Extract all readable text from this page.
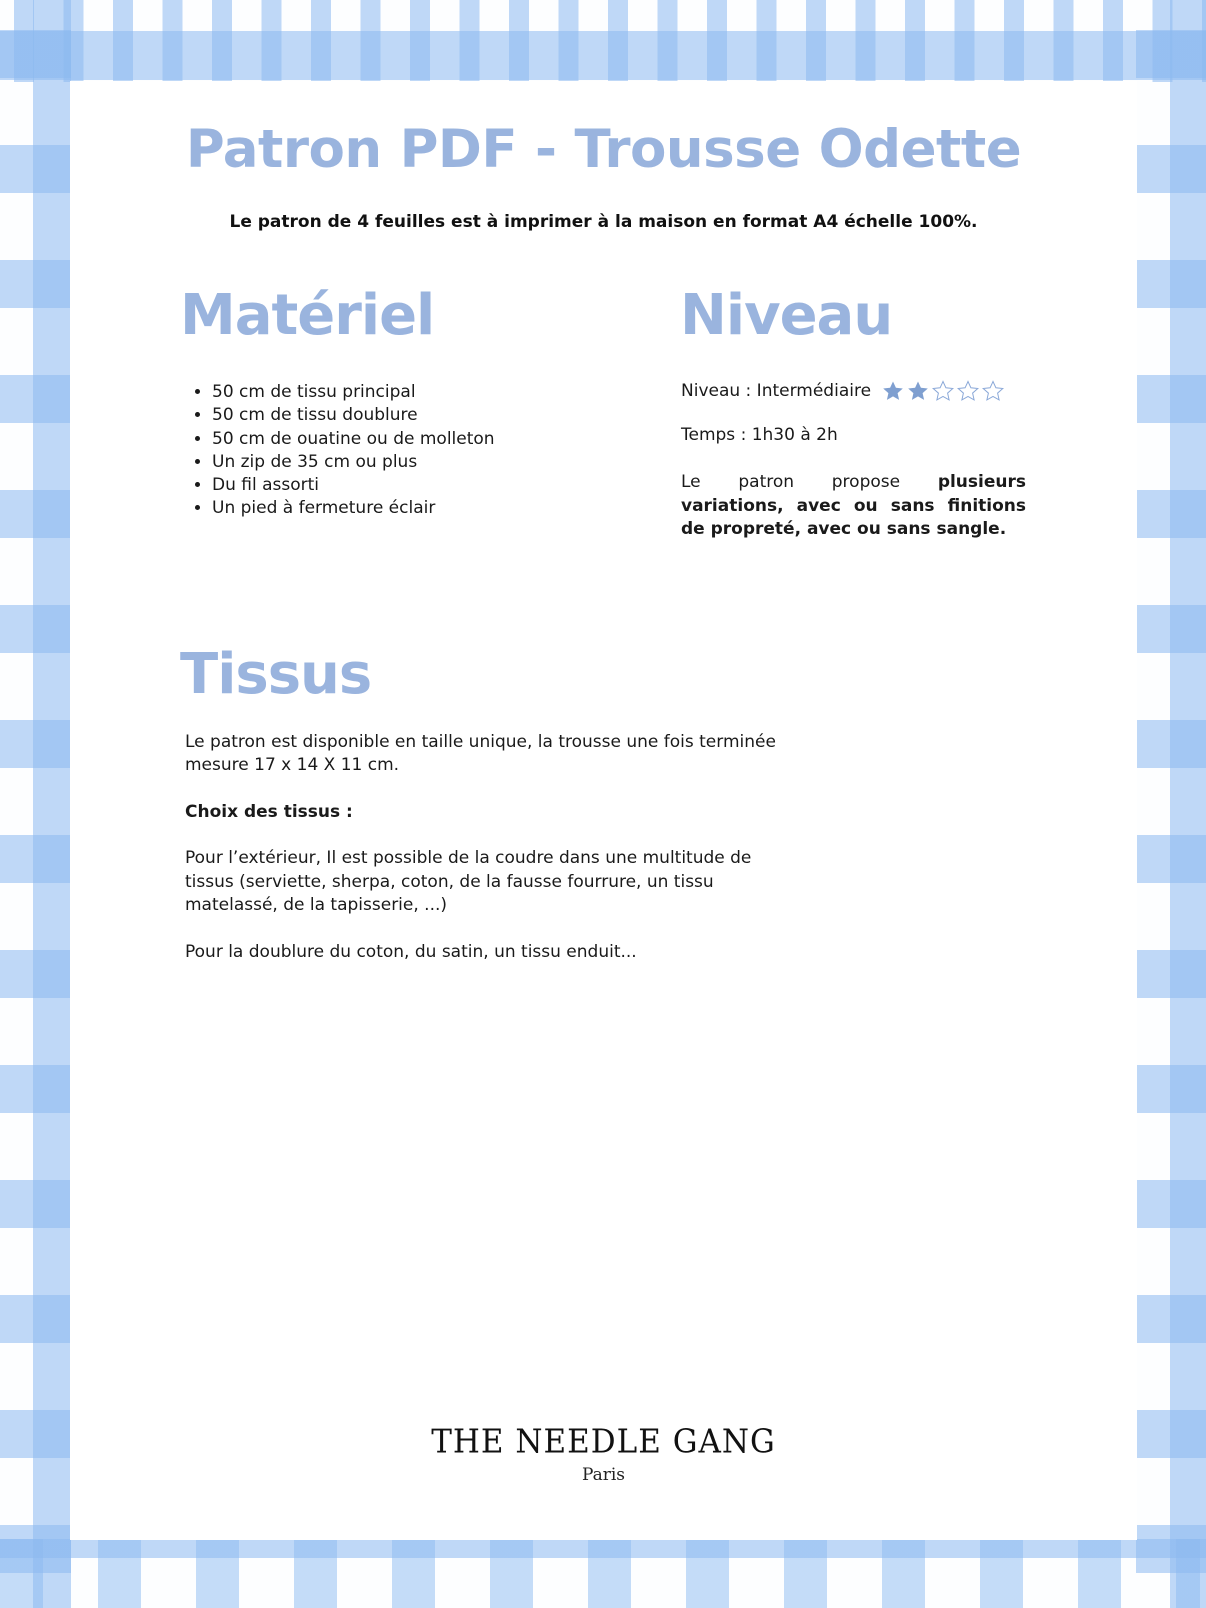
Patron PDF - Trousse Odette

Le patron de 4 feuilles est à imprimer à la maison en format A4 échelle 100%.

Matériel
• 50 cm de tissu principal
• 50 cm de tissu doublure
• 50 cm de ouatine ou de molleton
• Un zip de 35 cm ou plus
• Du fil assorti
• Un pied à fermeture éclair
Niveau
Niveau : Intermédiaire
Temps : 1h30 à 2h
Le patron propose plusieurs variations, avec ou sans finitions de propreté, avec ou sans sangle.
Tissus

Le patron est disponible en taille unique, la trousse une fois terminée mesure 17 x 14 X 11 cm.

Choix des tissus :

Pour l’extérieur, Il est possible de la coudre dans une multitude de tissus (serviette, sherpa, coton, de la fausse fourrure, un tissu matelassé, de la tapisserie, ...)

Pour la doublure du coton, du satin, un tissu enduit...

THE NEEDLE GANG
Paris
